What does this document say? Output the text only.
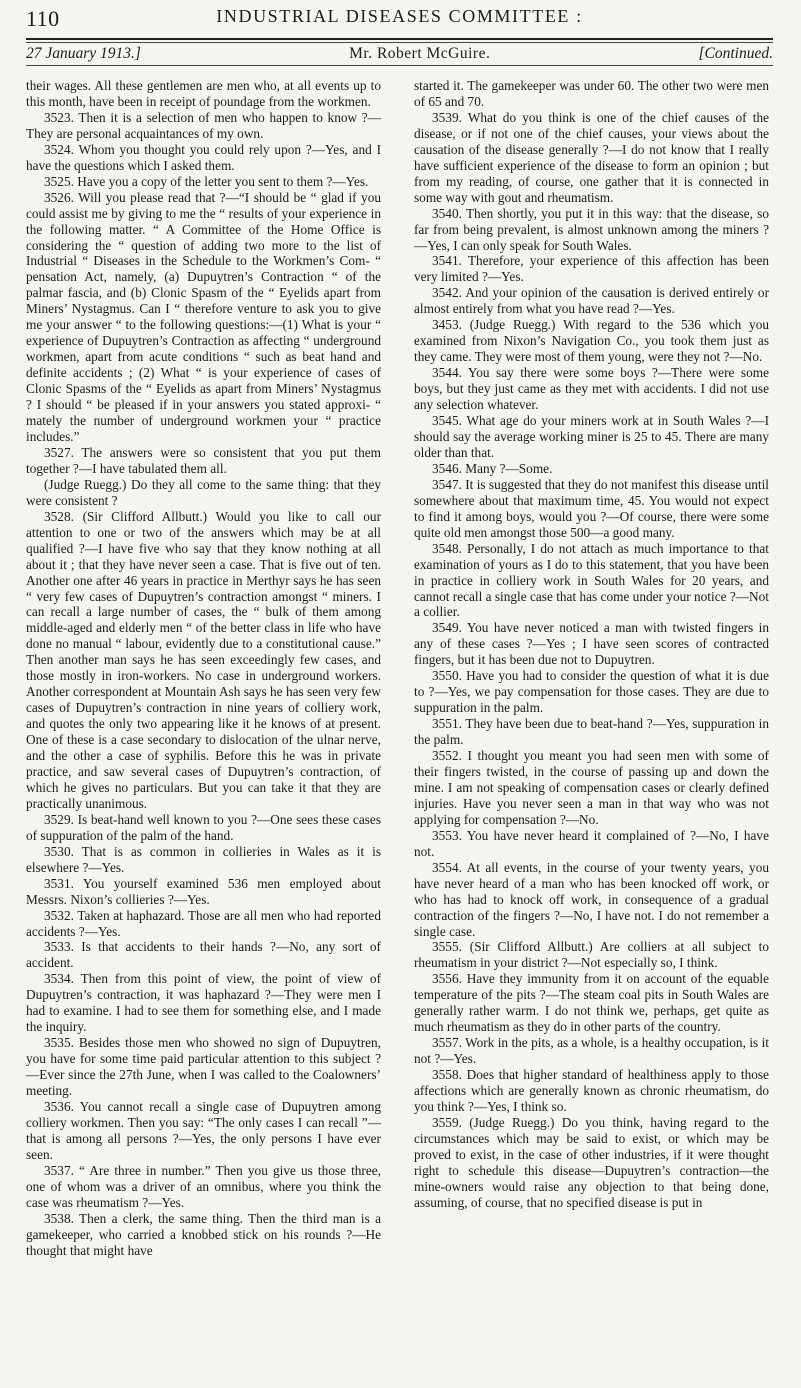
110	INDUSTRIAL DISEASES COMMITTEE :
27 January 1913.]	Mr. Robert McGuire.	[Continued.

their wages. All these gentlemen are men who, at all events up to this month, have been in receipt of poundage from the workmen.

3523. Then it is a selection of men who happen to know ?—They are personal acquaintances of my own.

3524. Whom you thought you could rely upon ?—Yes, and I have the questions which I asked them.

3525. Have you a copy of the letter you sent to them ?—Yes.

3526. Will you please read that ?—“I should be “ glad if you could assist me by giving to me the “ results of your experience in the following matter. “ A Committee of the Home Office is considering the “ question of adding two more to the list of Industrial “ Diseases in the Schedule to the Workmen’s Com- “ pensation Act, namely, (a) Dupuytren’s Contraction “ of the palmar fascia, and (b) Clonic Spasm of the “ Eyelids apart from Miners’ Nystagmus. Can I “ therefore venture to ask you to give me your answer “ to the following questions:—(1) What is your “ experience of Dupuytren’s Contraction as affecting “ underground workmen, apart from acute conditions “ such as beat hand and definite accidents ; (2) What “ is your experience of cases of Clonic Spasms of the “ Eyelids as apart from Miners’ Nystagmus ? I should “ be pleased if in your answers you stated approxi- “ mately the number of underground workmen your “ practice includes.”

3527. The answers were so consistent that you put them together ?—I have tabulated them all.

(Judge Ruegg.) Do they all come to the same thing: that they were consistent ?

3528. (Sir Clifford Allbutt.) Would you like to call our attention to one or two of the answers which may be at all qualified ?—I have five who say that they know nothing at all about it ; that they have never seen a case. That is five out of ten. Another one after 46 years in practice in Merthyr says he has seen “ very few cases of Dupuytren’s contraction amongst “ miners. I can recall a large number of cases, the “ bulk of them among middle-aged and elderly men “ of the better class in life who have done no manual “ labour, evidently due to a constitutional cause.” Then another man says he has seen exceedingly few cases, and those mostly in iron-workers. No case in underground workers. Another correspondent at Mountain Ash says he has seen very few cases of Dupuytren’s contraction in nine years of colliery work, and quotes the only two appearing like it he knows of at present. One of these is a case secondary to dislocation of the ulnar nerve, and the other a case of syphilis. Before this he was in private practice, and saw several cases of Dupuytren’s contraction, of which he gives no particulars. But you can take it that they are practically unanimous.

3529. Is beat-hand well known to you ?—One sees these cases of suppuration of the palm of the hand.

3530. That is as common in collieries in Wales as it is elsewhere ?—Yes.

3531. You yourself examined 536 men employed about Messrs. Nixon’s collieries ?—Yes.

3532. Taken at haphazard. Those are all men who had reported accidents ?—Yes.

3533. Is that accidents to their hands ?—No, any sort of accident.

3534. Then from this point of view, the point of view of Dupuytren’s contraction, it was haphazard ?—They were men I had to examine. I had to see them for something else, and I made the inquiry.

3535. Besides those men who showed no sign of Dupuytren, you have for some time paid particular attention to this subject ?—Ever since the 27th June, when I was called to the Coalowners’ meeting.

3536. You cannot recall a single case of Dupuytren among colliery workmen. Then you say: “The only cases I can recall ”—that is among all persons ?—Yes, the only persons I have ever seen.

3537. “ Are three in number.” Then you give us those three, one of whom was a driver of an omnibus, where you think the case was rheumatism ?—Yes.

3538. Then a clerk, the same thing. Then the third man is a gamekeeper, who carried a knobbed stick on his rounds ?—He thought that might have

started it. The gamekeeper was under 60. The other two were men of 65 and 70.

3539. What do you think is one of the chief causes of the disease, or if not one of the chief causes, your views about the causation of the disease generally ?—I do not know that I really have sufficient experience of the disease to form an opinion ; but from my reading, of course, one gather that it is connected in some way with gout and rheumatism.

3540. Then shortly, you put it in this way: that the disease, so far from being prevalent, is almost unknown among the miners ?—Yes, I can only speak for South Wales.

3541. Therefore, your experience of this affection has been very limited ?—Yes.

3542. And your opinion of the causation is derived entirely or almost entirely from what you have read ?—Yes.

3453. (Judge Ruegg.) With regard to the 536 which you examined from Nixon’s Navigation Co., you took them just as they came. They were most of them young, were they not ?—No.

3544. You say there were some boys ?—There were some boys, but they just came as they met with accidents. I did not use any selection whatever.

3545. What age do your miners work at in South Wales ?—I should say the average working miner is 25 to 45. There are many older than that.

3546. Many ?—Some.

3547. It is suggested that they do not manifest this disease until somewhere about that maximum time, 45. You would not expect to find it among boys, would you ?—Of course, there were some quite old men amongst those 500—a good many.

3548. Personally, I do not attach as much importance to that examination of yours as I do to this statement, that you have been in practice in colliery work in South Wales for 20 years, and cannot recall a single case that has come under your notice ?—Not a collier.

3549. You have never noticed a man with twisted fingers in any of these cases ?—Yes ; I have seen scores of contracted fingers, but it has been due not to Dupuytren.

3550. Have you had to consider the question of what it is due to ?—Yes, we pay compensation for those cases. They are due to suppuration in the palm.

3551. They have been due to beat-hand ?—Yes, suppuration in the palm.

3552. I thought you meant you had seen men with some of their fingers twisted, in the course of passing up and down the mine. I am not speaking of compensation cases or clearly defined injuries. Have you never seen a man in that way who was not applying for compensation ?—No.

3553. You have never heard it complained of ?—No, I have not.

3554. At all events, in the course of your twenty years, you have never heard of a man who has been knocked off work, or who has had to knock off work, in consequence of a gradual contraction of the fingers ?—No, I have not. I do not remember a single case.

3555. (Sir Clifford Allbutt.) Are colliers at all subject to rheumatism in your district ?—Not especially so, I think.

3556. Have they immunity from it on account of the equable temperature of the pits ?—The steam coal pits in South Wales are generally rather warm. I do not think we, perhaps, get quite as much rheumatism as they do in other parts of the country.

3557. Work in the pits, as a whole, is a healthy occupation, is it not ?—Yes.

3558. Does that higher standard of healthiness apply to those affections which are generally known as chronic rheumatism, do you think ?—Yes, I think so.

3559. (Judge Ruegg.) Do you think, having regard to the circumstances which may be said to exist, or which may be proved to exist, in the case of other industries, if it were thought right to schedule this disease—Dupuytren’s contraction—the mine-owners would raise any objection to that being done, assuming, of course, that no specified disease is put in
